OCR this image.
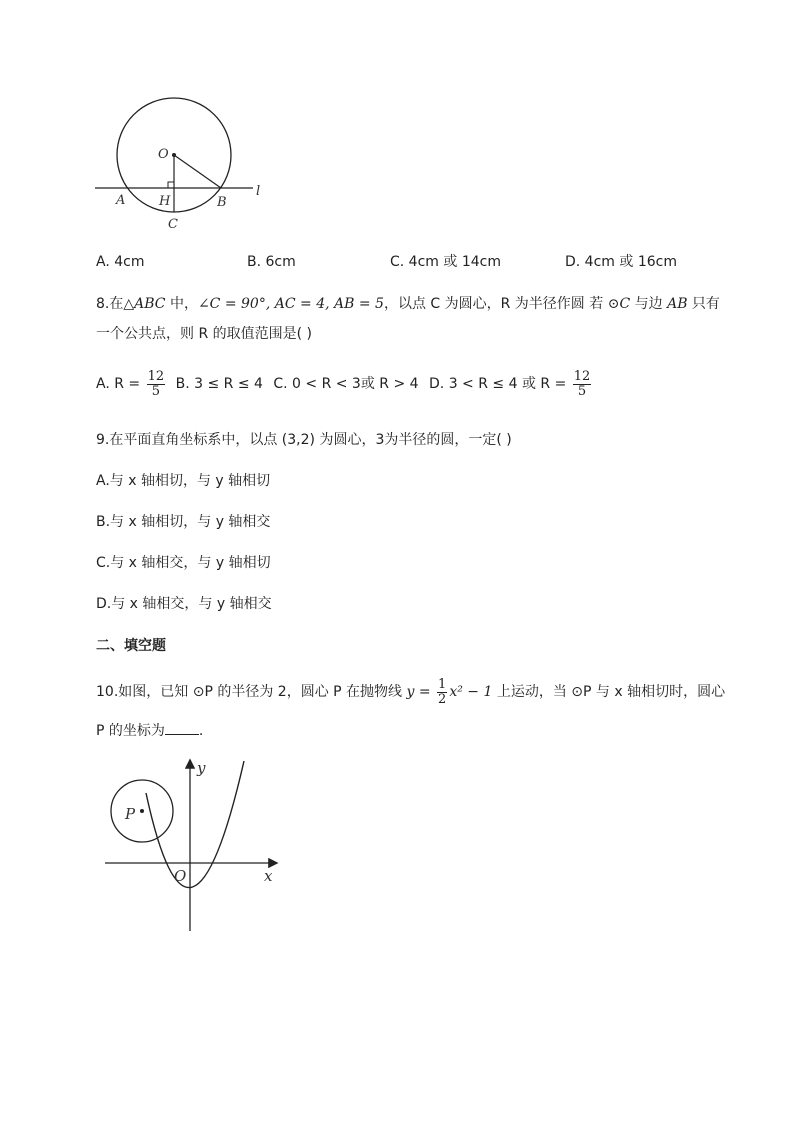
O
H
A	B
C
l
A. 4cm	B. 6cm	C. 4cm 或 14cm	D. 4cm 或 16cm
8.在△ABC 中，∠C = 90°, AC = 4, AB = 5，以点 C 为圆心，R 为半径作圆 若 ⊙C 与边 AB 只有
一个公共点，则 R 的取值范围是( )
A. $R = \frac{12}{5} B$. 3 ≤ R ≤ 4 C. 0 < R < 3或 R > 4 D. 3 < R ≤ 4 或 $R = \frac{12}{5}$
9.在平面直角坐标系中，以点 (3,2) 为圆心，3为半径的圆，一定( )
A.与 x 轴相切，与 y 轴相切
B.与 x 轴相切，与 y 轴相交
C.与 x 轴相交，与 y 轴相切
D.与 x 轴相交，与 y 轴相交
二、填空题
10.如图，已知 ⊙P 的半径为 2，圆心 P 在抛物线 $y = \frac{1}{2} x^2 - 1$ 上运动，当 ⊙P 与 x 轴相切时，圆心
P 的坐标为 .
y
x
O
P
